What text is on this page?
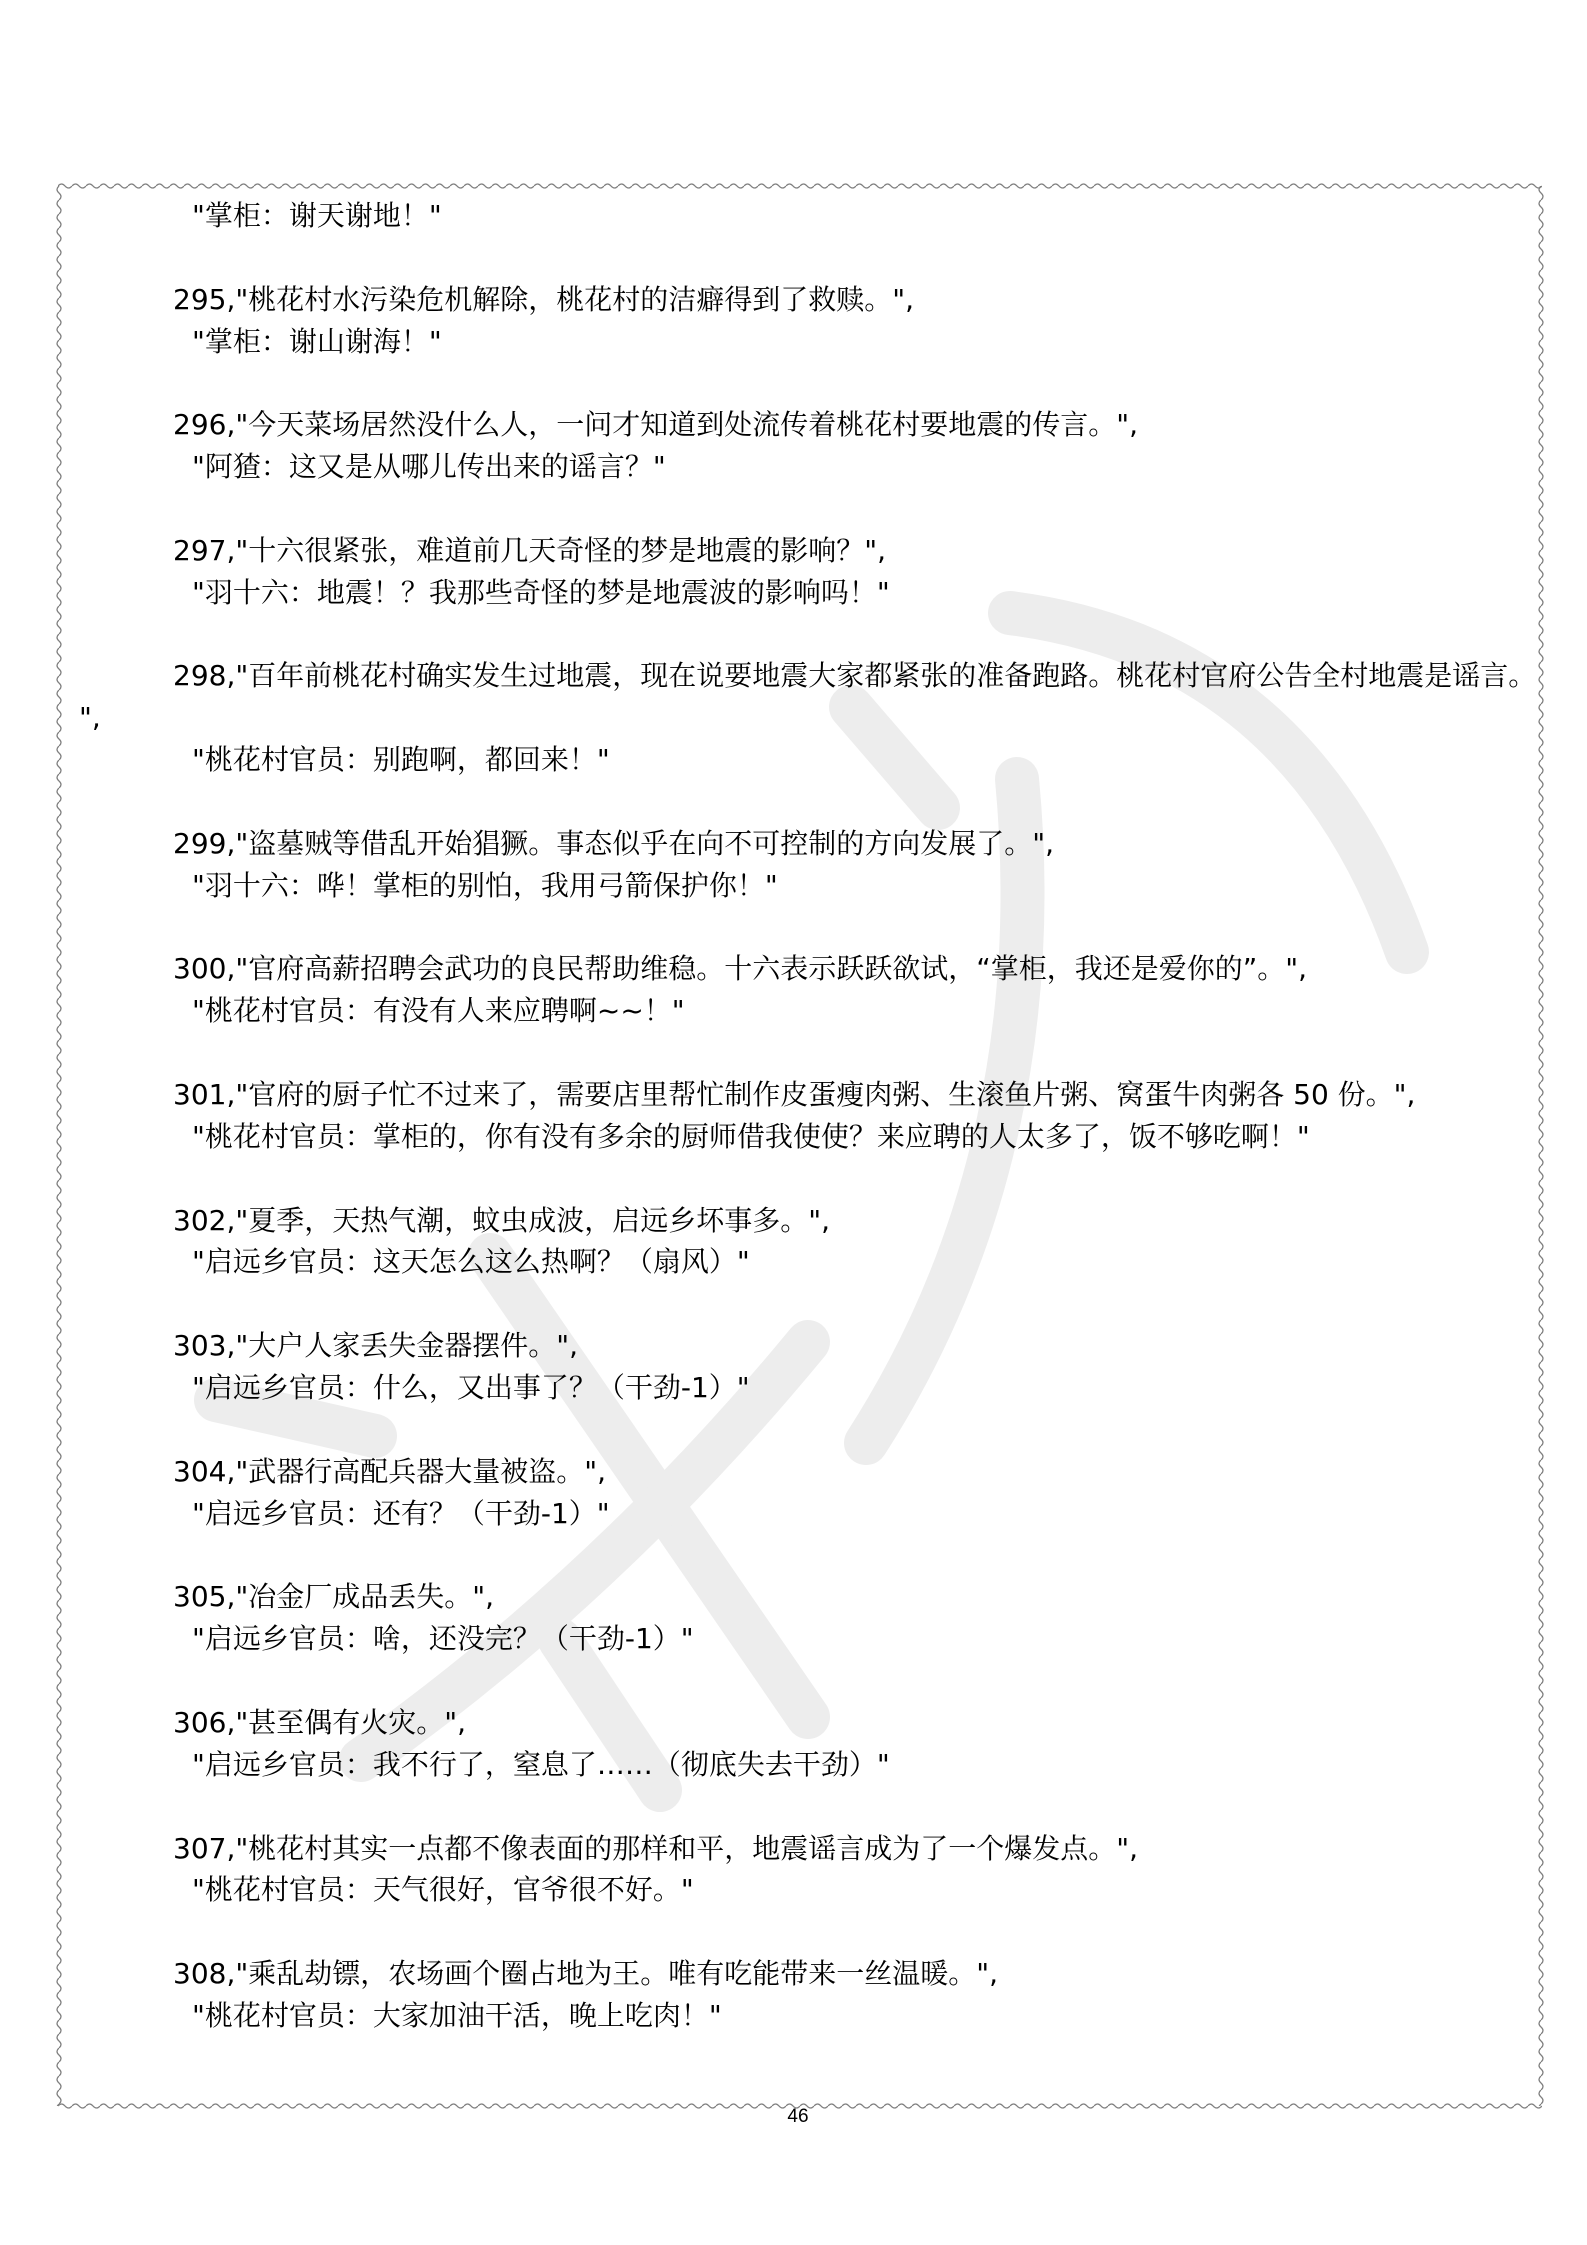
"掌柜：谢天谢地！"
295,"桃花村水污染危机解除，桃花村的洁癖得到了救赎。",
"掌柜：谢山谢海！"
296,"今天菜场居然没什么人，一问才知道到处流传着桃花村要地震的传言。",
"阿猹：这又是从哪儿传出来的谣言？"
297,"十六很紧张，难道前几天奇怪的梦是地震的影响？",
"羽十六：地震！？我那些奇怪的梦是地震波的影响吗！"
298,"百年前桃花村确实发生过地震，现在说要地震大家都紧张的准备跑路。桃花村官府公告全村地震是谣言。
",
"桃花村官员：别跑啊，都回来！"
299,"盗墓贼等借乱开始猖獗。事态似乎在向不可控制的方向发展了。",
"羽十六：哗！掌柜的别怕，我用弓箭保护你！"
300,"官府高薪招聘会武功的良民帮助维稳。十六表示跃跃欲试，“掌柜，我还是爱你的”。",
"桃花村官员：有没有人来应聘啊~~！"
301,"官府的厨子忙不过来了，需要店里帮忙制作皮蛋瘦肉粥、生滚鱼片粥、窝蛋牛肉粥各 50 份。",
"桃花村官员：掌柜的，你有没有多余的厨师借我使使？来应聘的人太多了，饭不够吃啊！"
302,"夏季，天热气潮，蚊虫成波，启远乡坏事多。",
"启远乡官员：这天怎么这么热啊？（扇风）"
303,"大户人家丢失金器摆件。",
"启远乡官员：什么，又出事了？（干劲-1）"
304,"武器行高配兵器大量被盗。",
"启远乡官员：还有？（干劲-1）"
305,"冶金厂成品丢失。",
"启远乡官员：啥，还没完？（干劲-1）"
306,"甚至偶有火灾。",
"启远乡官员：我不行了，窒息了……（彻底失去干劲）"
307,"桃花村其实一点都不像表面的那样和平，地震谣言成为了一个爆发点。",
"桃花村官员：天气很好，官爷很不好。"
308,"乘乱劫镖，农场画个圈占地为王。唯有吃能带来一丝温暖。",
"桃花村官员：大家加油干活，晚上吃肉！"
46
